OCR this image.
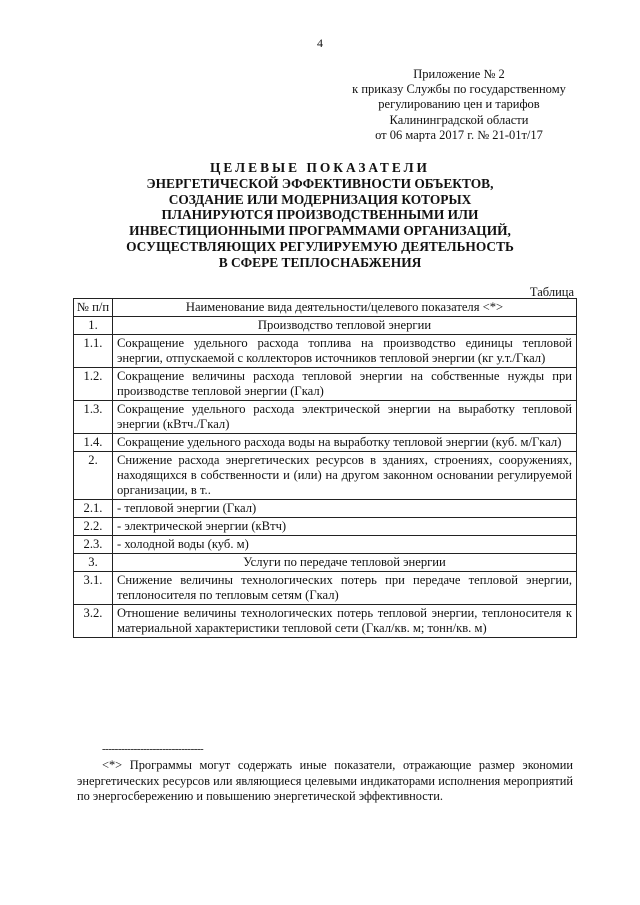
4
Приложение № 2
к приказу Службы по государственному
регулированию цен и тарифов
Калининградской области
от 06 марта 2017 г. № 21-01т/17
ЦЕЛЕВЫЕ ПОКАЗАТЕЛИ
ЭНЕРГЕТИЧЕСКОЙ ЭФФЕКТИВНОСТИ ОБЪЕКТОВ,
СОЗДАНИЕ ИЛИ МОДЕРНИЗАЦИЯ КОТОРЫХ
ПЛАНИРУЮТСЯ ПРОИЗВОДСТВЕННЫМИ ИЛИ
ИНВЕСТИЦИОННЫМИ ПРОГРАММАМИ ОРГАНИЗАЦИЙ,
ОСУЩЕСТВЛЯЮЩИХ РЕГУЛИРУЕМУЮ ДЕЯТЕЛЬНОСТЬ
В СФЕРЕ ТЕПЛОСНАБЖЕНИЯ
Таблица
№ п/п	Наименование вида деятельности/целевого показателя <*>
1.	Производство тепловой энергии
1.1.	Сокращение удельного расхода топлива на производство единицы тепловой энергии, отпускаемой с коллекторов источников тепловой энергии (кг у.т./Гкал)
1.2.	Сокращение величины расхода тепловой энергии на собственные нужды при производстве тепловой энергии (Гкал)
1.3.	Сокращение удельного расхода электрической энергии на выработку тепловой энергии (кВтч./Гкал)
1.4.	Сокращение удельного расхода воды на выработку тепловой энергии (куб. м/Гкал)
2.	Снижение расхода энергетических ресурсов в зданиях, строениях, сооружениях, находящихся в собственности и (или) на другом законном основании регулируемой организации, в т..
2.1.	- тепловой энергии (Гкал)
2.2.	- электрической энергии (кВтч)
2.3.	- холодной воды (куб. м)
3.	Услуги по передаче тепловой энергии
3.1.	Снижение величины технологических потерь при передаче тепловой энергии, теплоносителя по тепловым сетям (Гкал)
3.2.	Отношение величины технологических потерь тепловой энергии, теплоносителя к материальной характеристики тепловой сети (Гкал/кв. м; тонн/кв. м)
--------------------------------
<*> Программы могут содержать иные показатели, отражающие размер экономии энергетических ресурсов или являющиеся целевыми индикаторами исполнения мероприятий по энергосбережению и повышению энергетической эффективности.
